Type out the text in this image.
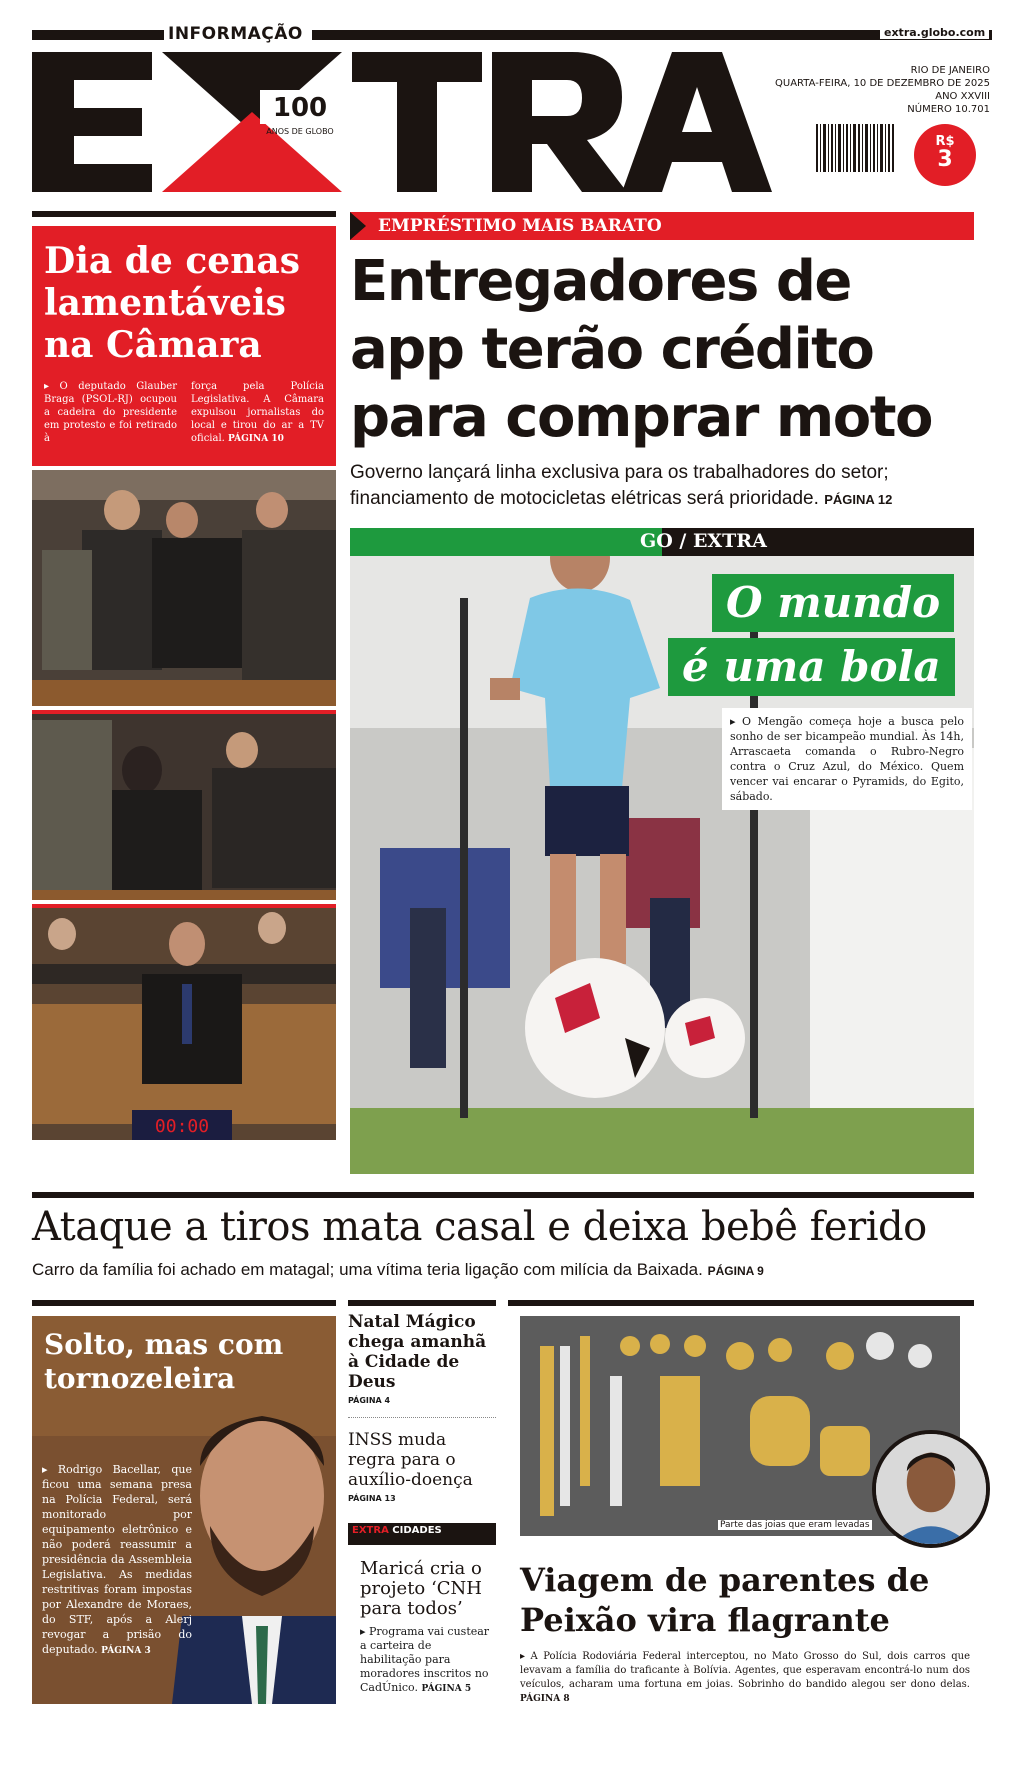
INFORMAÇÃO	extra.globo.com
100
ANOS DE GLOBO
RIO DE JANEIRO
QUARTA-FEIRA, 10 DE DEZEMBRO DE 2025
ANO XXVIII
NÚMERO 10.701
R$
3
Dia de cenas lamentáveis na Câmara

▸ O deputado Glauber Braga (PSOL-RJ) ocupou a cadeira do presidente em protesto e foi retirado à

força pela Polícia Legislativa. A Câmara expulsou jornalistas do local e tirou do ar a TV oficial. PÁGINA 10

00:00
EMPRÉSTIMO MAIS BARATO
Entregadores de
app terão crédito
para comprar moto
Governo lançará linha exclusiva para os trabalhadores do setor; financiamento de motocicletas elétricas será prioridade. PÁGINA 12
GO / EXTRA
O mundo
é uma bola
▸ O Mengão começa hoje a busca pelo sonho de ser bicampeão mundial. Às 14h, Arrascaeta comanda o Rubro-Negro contra o Cruz Azul, do México. Quem vencer vai encarar o Pyramids, do Egito, sábado.
Ataque a tiros mata casal e deixa bebê ferido
Carro da família foi achado em matagal; uma vítima teria ligação com milícia da Baixada. PÁGINA 9
Solto, mas com tornozeleira

▸ Rodrigo Bacellar, que ficou uma semana presa na Polícia Federal, será monitorado por equipamento eletrônico e não poderá reassumir a presidência da Assembleia Legislativa. As medidas restritivas foram impostas por Alexandre de Moraes, do STF, após a Alerj revogar a prisão do deputado. PÁGINA 3

Natal Mágico chega amanhã à Cidade de Deus
PÁGINA 4
INSS muda regra para o auxílio-doença
PÁGINA 13
EXTRA CIDADES
Maricá cria o projeto ‘CNH para todos’

▸ Programa vai custear a carteira de habilitação para moradores inscritos no CadÚnico. PÁGINA 5

Parte das joias que eram levadas
Viagem de parentes de Peixão vira flagrante
▸ A Polícia Rodoviária Federal interceptou, no Mato Grosso do Sul, dois carros que levavam a família do traficante à Bolívia. Agentes, que esperavam encontrá-lo num dos veículos, acharam uma fortuna em joias. Sobrinho do bandido alegou ser dono delas. PÁGINA 8
